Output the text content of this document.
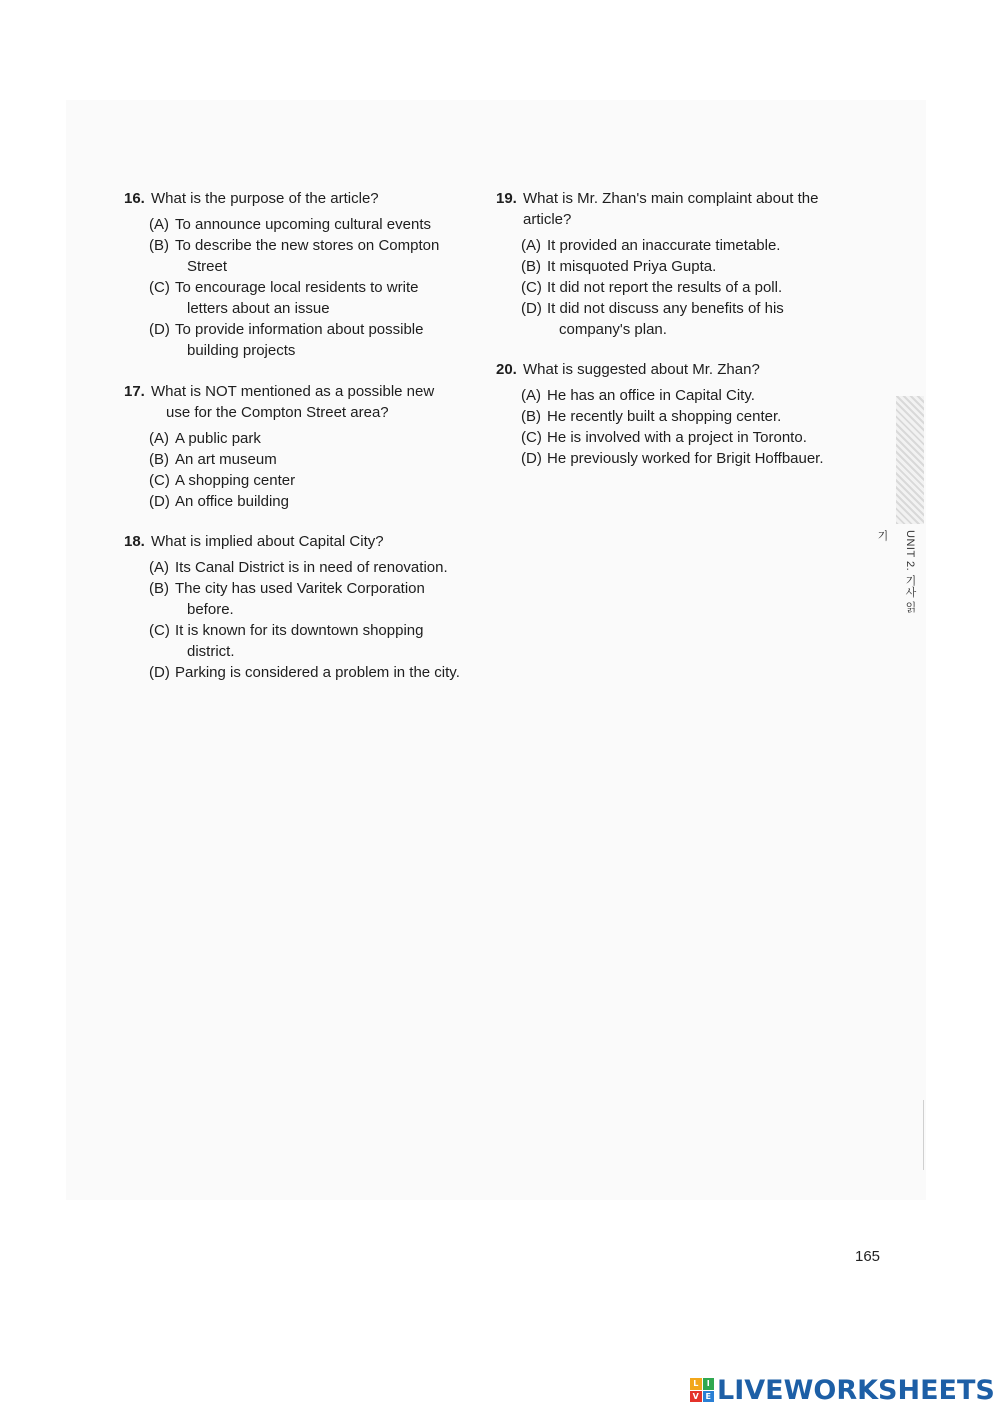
16. What is the purpose of the article?

(A) To announce upcoming cultural events
(B) To describe the new stores on Compton
Street
(C) To encourage local residents to write
letters about an issue
(D) To provide information about possible
building projects

17. What is NOT mentioned as a possible new
use for the Compton Street area?

(A) A public park
(B) An art museum
(C) A shopping center
(D) An office building

18. What is implied about Capital City?

(A) Its Canal District is in need of renovation.
(B) The city has used Varitek Corporation
before.
(C) It is known for its downtown shopping
district.
(D) Parking is considered a problem in the city.

19. What is Mr. Zhan's main complaint about the
article?

(A) It provided an inaccurate timetable.
(B) It misquoted Priya Gupta.
(C) It did not report the results of a poll.
(D) It did not discuss any benefits of his
company's plan.

20. What is suggested about Mr. Zhan?

(A) He has an office in Capital City.
(B) He recently built a shopping center.
(C) He is involved with a project in Toronto.
(D) He previously worked for Brigit Hoffbauer.
UNIT 2. 기사 읽기
165
L	I
V E LIVEWORKSHEETS
